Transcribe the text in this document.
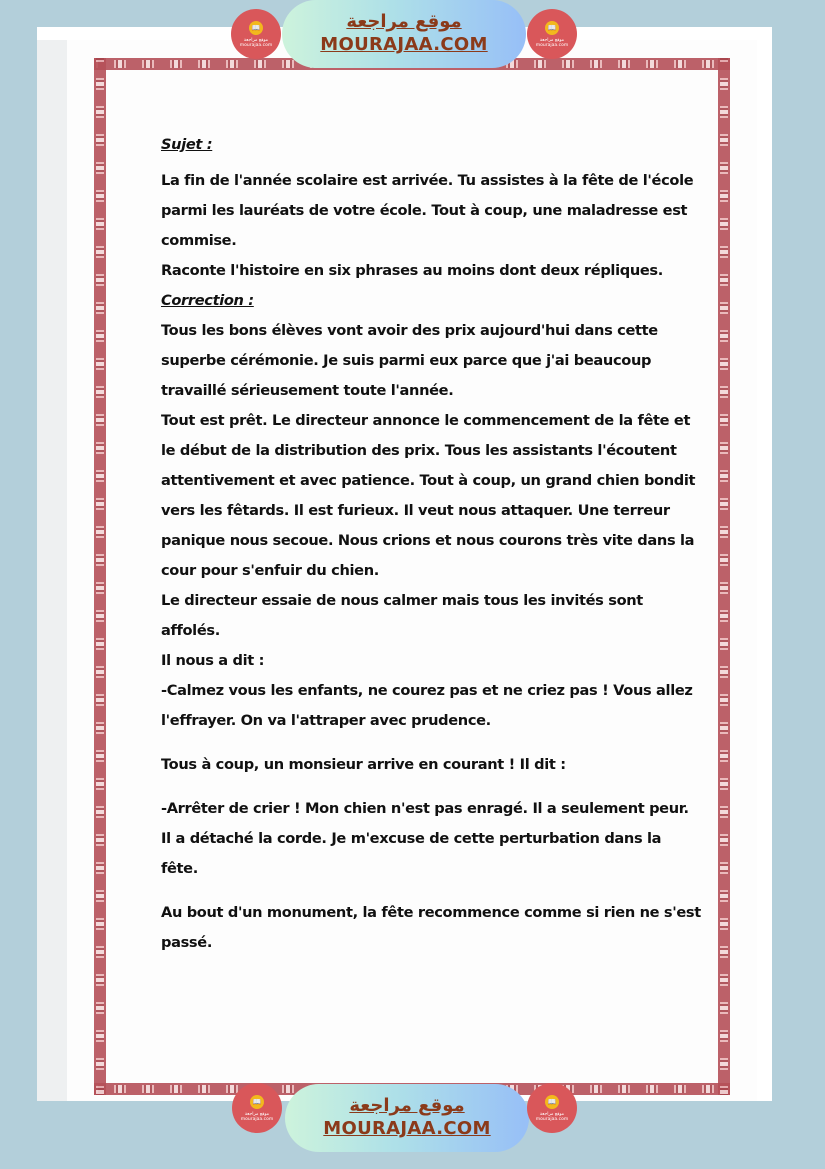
Sujet :

La fin de l'année scolaire est arrivée. Tu assistes à la fête de l'école

parmi les lauréats de votre école. Tout à coup, une maladresse est

commise.

Raconte l'histoire en six phrases au moins dont deux répliques.

Correction :

Tous les bons élèves vont avoir des prix aujourd'hui dans cette

superbe cérémonie. Je suis parmi eux parce que j'ai beaucoup

travaillé sérieusement toute l'année.

Tout est prêt. Le directeur annonce le commencement de la fête et

le début de la distribution des prix. Tous les assistants l'écoutent

attentivement et avec patience. Tout à coup, un grand chien bondit

vers les fêtards. Il est furieux. Il veut nous attaquer. Une terreur

panique nous secoue. Nous crions et nous courons très vite dans la

cour pour s'enfuir du chien.

Le directeur essaie de nous calmer mais tous les invités sont affolés.

Il nous a dit :

-Calmez vous les enfants, ne courez pas et ne criez pas ! Vous allez

l'effrayer. On va l'attraper avec prudence.

Tous à coup, un monsieur arrive en courant ! Il dit :

-Arrêter de crier ! Mon chien n'est pas enragé. Il a seulement peur.

Il a détaché la corde. Je m'excuse de cette perturbation dans la

fête.

Au bout d'un monument, la fête recommence comme si rien ne s'est

passé.

📖
موقع مراجعة
mourajaa.com
موقع مراجعة
MOURAJAA.COM
📖
موقع مراجعة
mourajaa.com
📖
موقع مراجعة
mourajaa.com
موقع مراجعة
MOURAJAA.COM
📖
موقع مراجعة
mourajaa.com
